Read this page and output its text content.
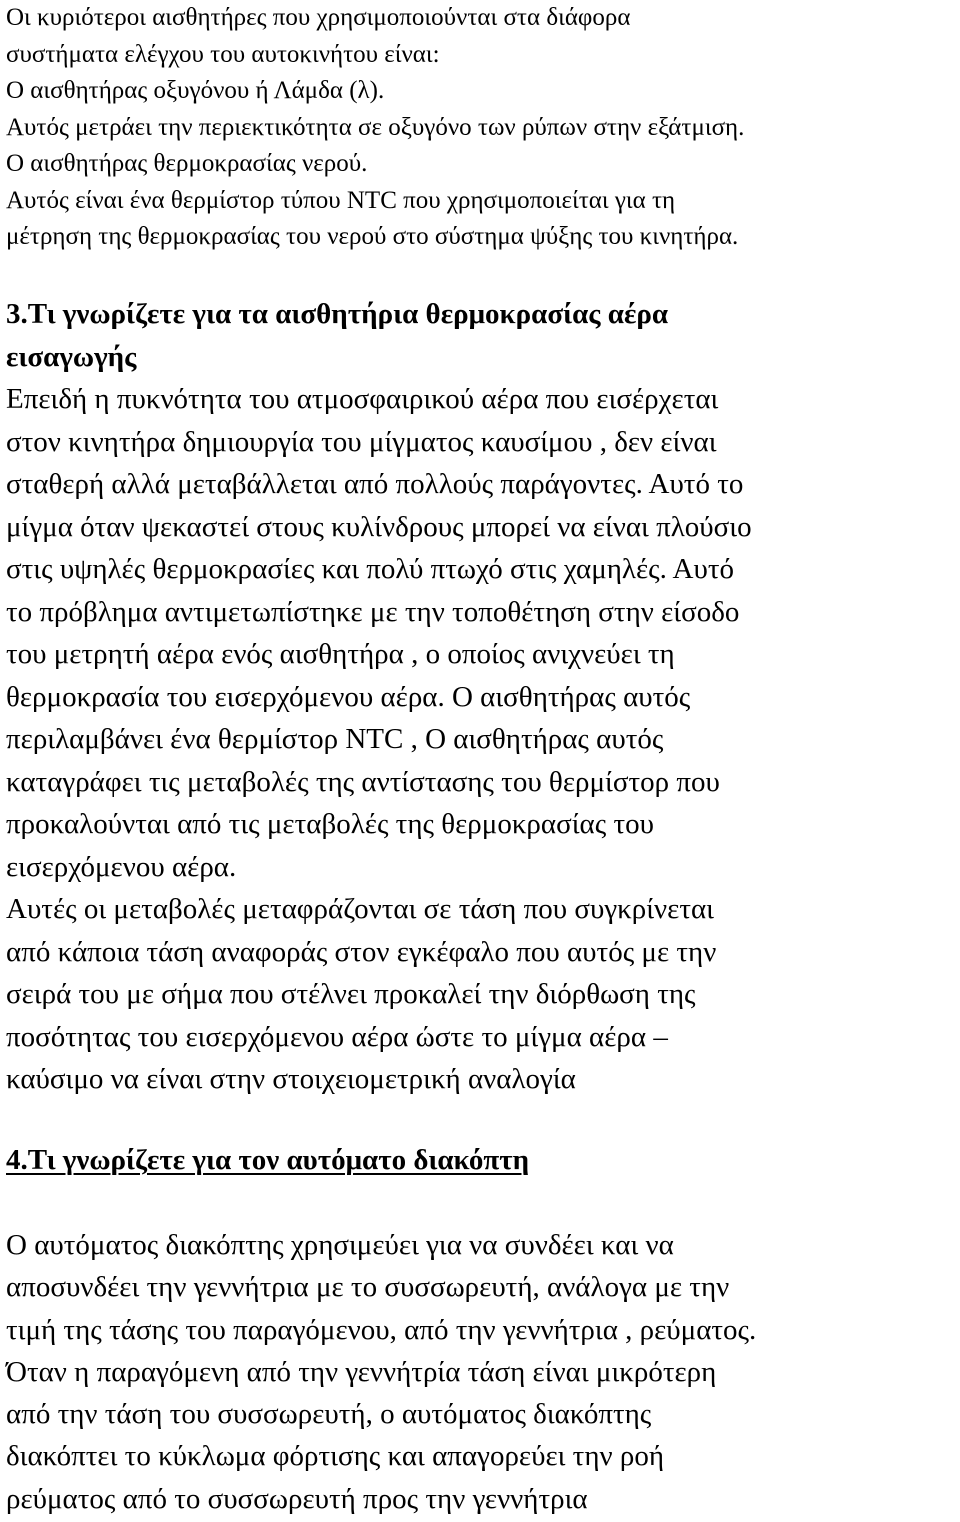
Οι κυριότεροι αισθητήρες που χρησιμοποιούνται στα διάφορα
συστήματα ελέγχου του αυτοκινήτου είναι:
Ο αισθητήρας οξυγόνου ή Λάμδα (λ).
Αυτός μετράει την περιεκτικότητα σε οξυγόνο των ρύπων στην εξάτμιση.
Ο αισθητήρας θερμοκρασίας νερού.
Αυτός είναι ένα θερμίστορ τύπου NTC που χρησιμοποιείται για τη
μέτρηση της θερμοκρασίας του νερού στο σύστημα ψύξης του κινητήρα.
3.Τι γνωρίζετε για τα αισθητήρια θερμοκρασίας αέρα
εισαγωγής
Επειδή η πυκνότητα του ατμοσφαιρικού αέρα που εισέρχεται
στον κινητήρα δημιουργία του μίγματος καυσίμου , δεν είναι
σταθερή αλλά μεταβάλλεται από πολλούς παράγοντες. Αυτό το
μίγμα όταν ψεκαστεί στους κυλίνδρους μπορεί να είναι πλούσιο
στις υψηλές θερμοκρασίες και πολύ πτωχό στις χαμηλές. Αυτό
το πρόβλημα αντιμετωπίστηκε με την τοποθέτηση στην είσοδο
του μετρητή αέρα ενός αισθητήρα , ο οποίος ανιχνεύει τη
θερμοκρασία του εισερχόμενου αέρα. Ο αισθητήρας αυτός
περιλαμβάνει ένα θερμίστορ NTC , Ο αισθητήρας αυτός
καταγράφει τις μεταβολές της αντίστασης του θερμίστορ που
προκαλούνται από τις μεταβολές της θερμοκρασίας του
εισερχόμενου αέρα.
Αυτές οι μεταβολές μεταφράζονται σε τάση που συγκρίνεται
από κάποια τάση αναφοράς στον εγκέφαλο που αυτός με την
σειρά του με σήμα που στέλνει προκαλεί την διόρθωση της
ποσότητας του εισερχόμενου αέρα ώστε το μίγμα αέρα –
καύσιμο να είναι στην στοιχειομετρική αναλογία
4.Τι γνωρίζετε για τον αυτόματο διακόπτη
Ο αυτόματος διακόπτης χρησιμεύει για να συνδέει και να
αποσυνδέει την γεννήτρια με το συσσωρευτή, ανάλογα με την
τιμή της τάσης του παραγόμενου, από την γεννήτρια , ρεύματος.
Όταν η παραγόμενη από την γεννήτρία τάση είναι μικρότερη
από την τάση του συσσωρευτή, ο αυτόματος διακόπτης
διακόπτει το κύκλωμα φόρτισης και απαγορεύει την ροή
ρεύματος από το συσσωρευτή προς την γεννήτρια
